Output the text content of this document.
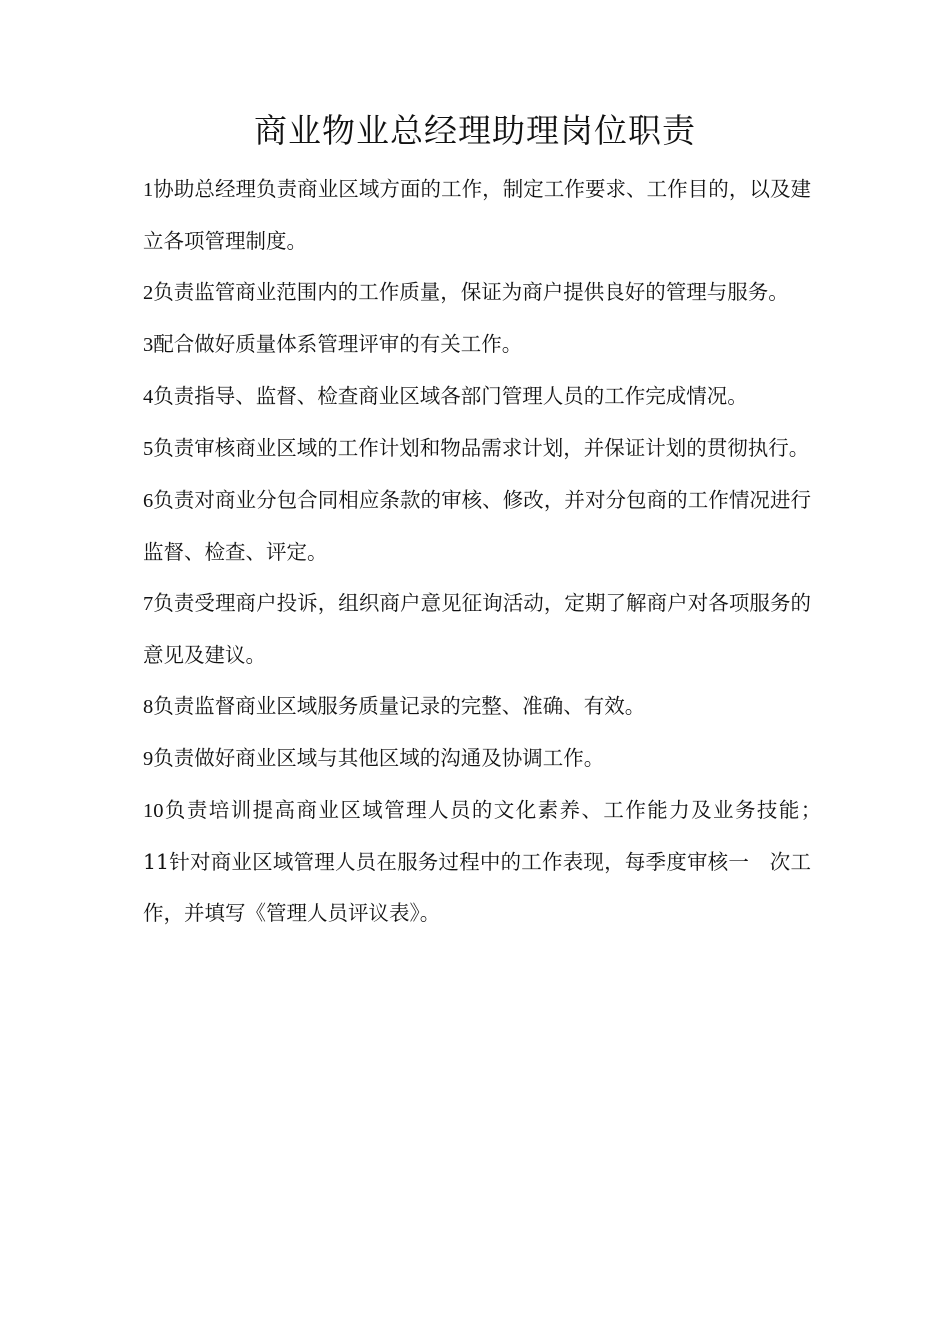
商业物业总经理助理岗位职责

1协助总经理负责商业区域方面的工作，制定工作要求、工作目的，以及建立各项管理制度。

2负责监管商业范围内的工作质量，保证为商户提供良好的管理与服务。

3配合做好质量体系管理评审的有关工作。

4负责指导、监督、检查商业区域各部门管理人员的工作完成情况。

5负责审核商业区域的工作计划和物品需求计划，并保证计划的贯彻执行。

6负责对商业分包合同相应条款的审核、修改，并对分包商的工作情况进行监督、检查、评定。

7负责受理商户投诉，组织商户意见征询活动，定期了解商户对各项服务的意见及建议。

8负责监督商业区域服务质量记录的完整、准确、有效。

9负责做好商业区域与其他区域的沟通及协调工作。

10负责培训提高商业区域管理人员的文化素养、工作能力及业务技能；　11针对商业区域管理人员在服务过程中的工作表现，每季度审核一　次工作，并填写《管理人员评议表》。
